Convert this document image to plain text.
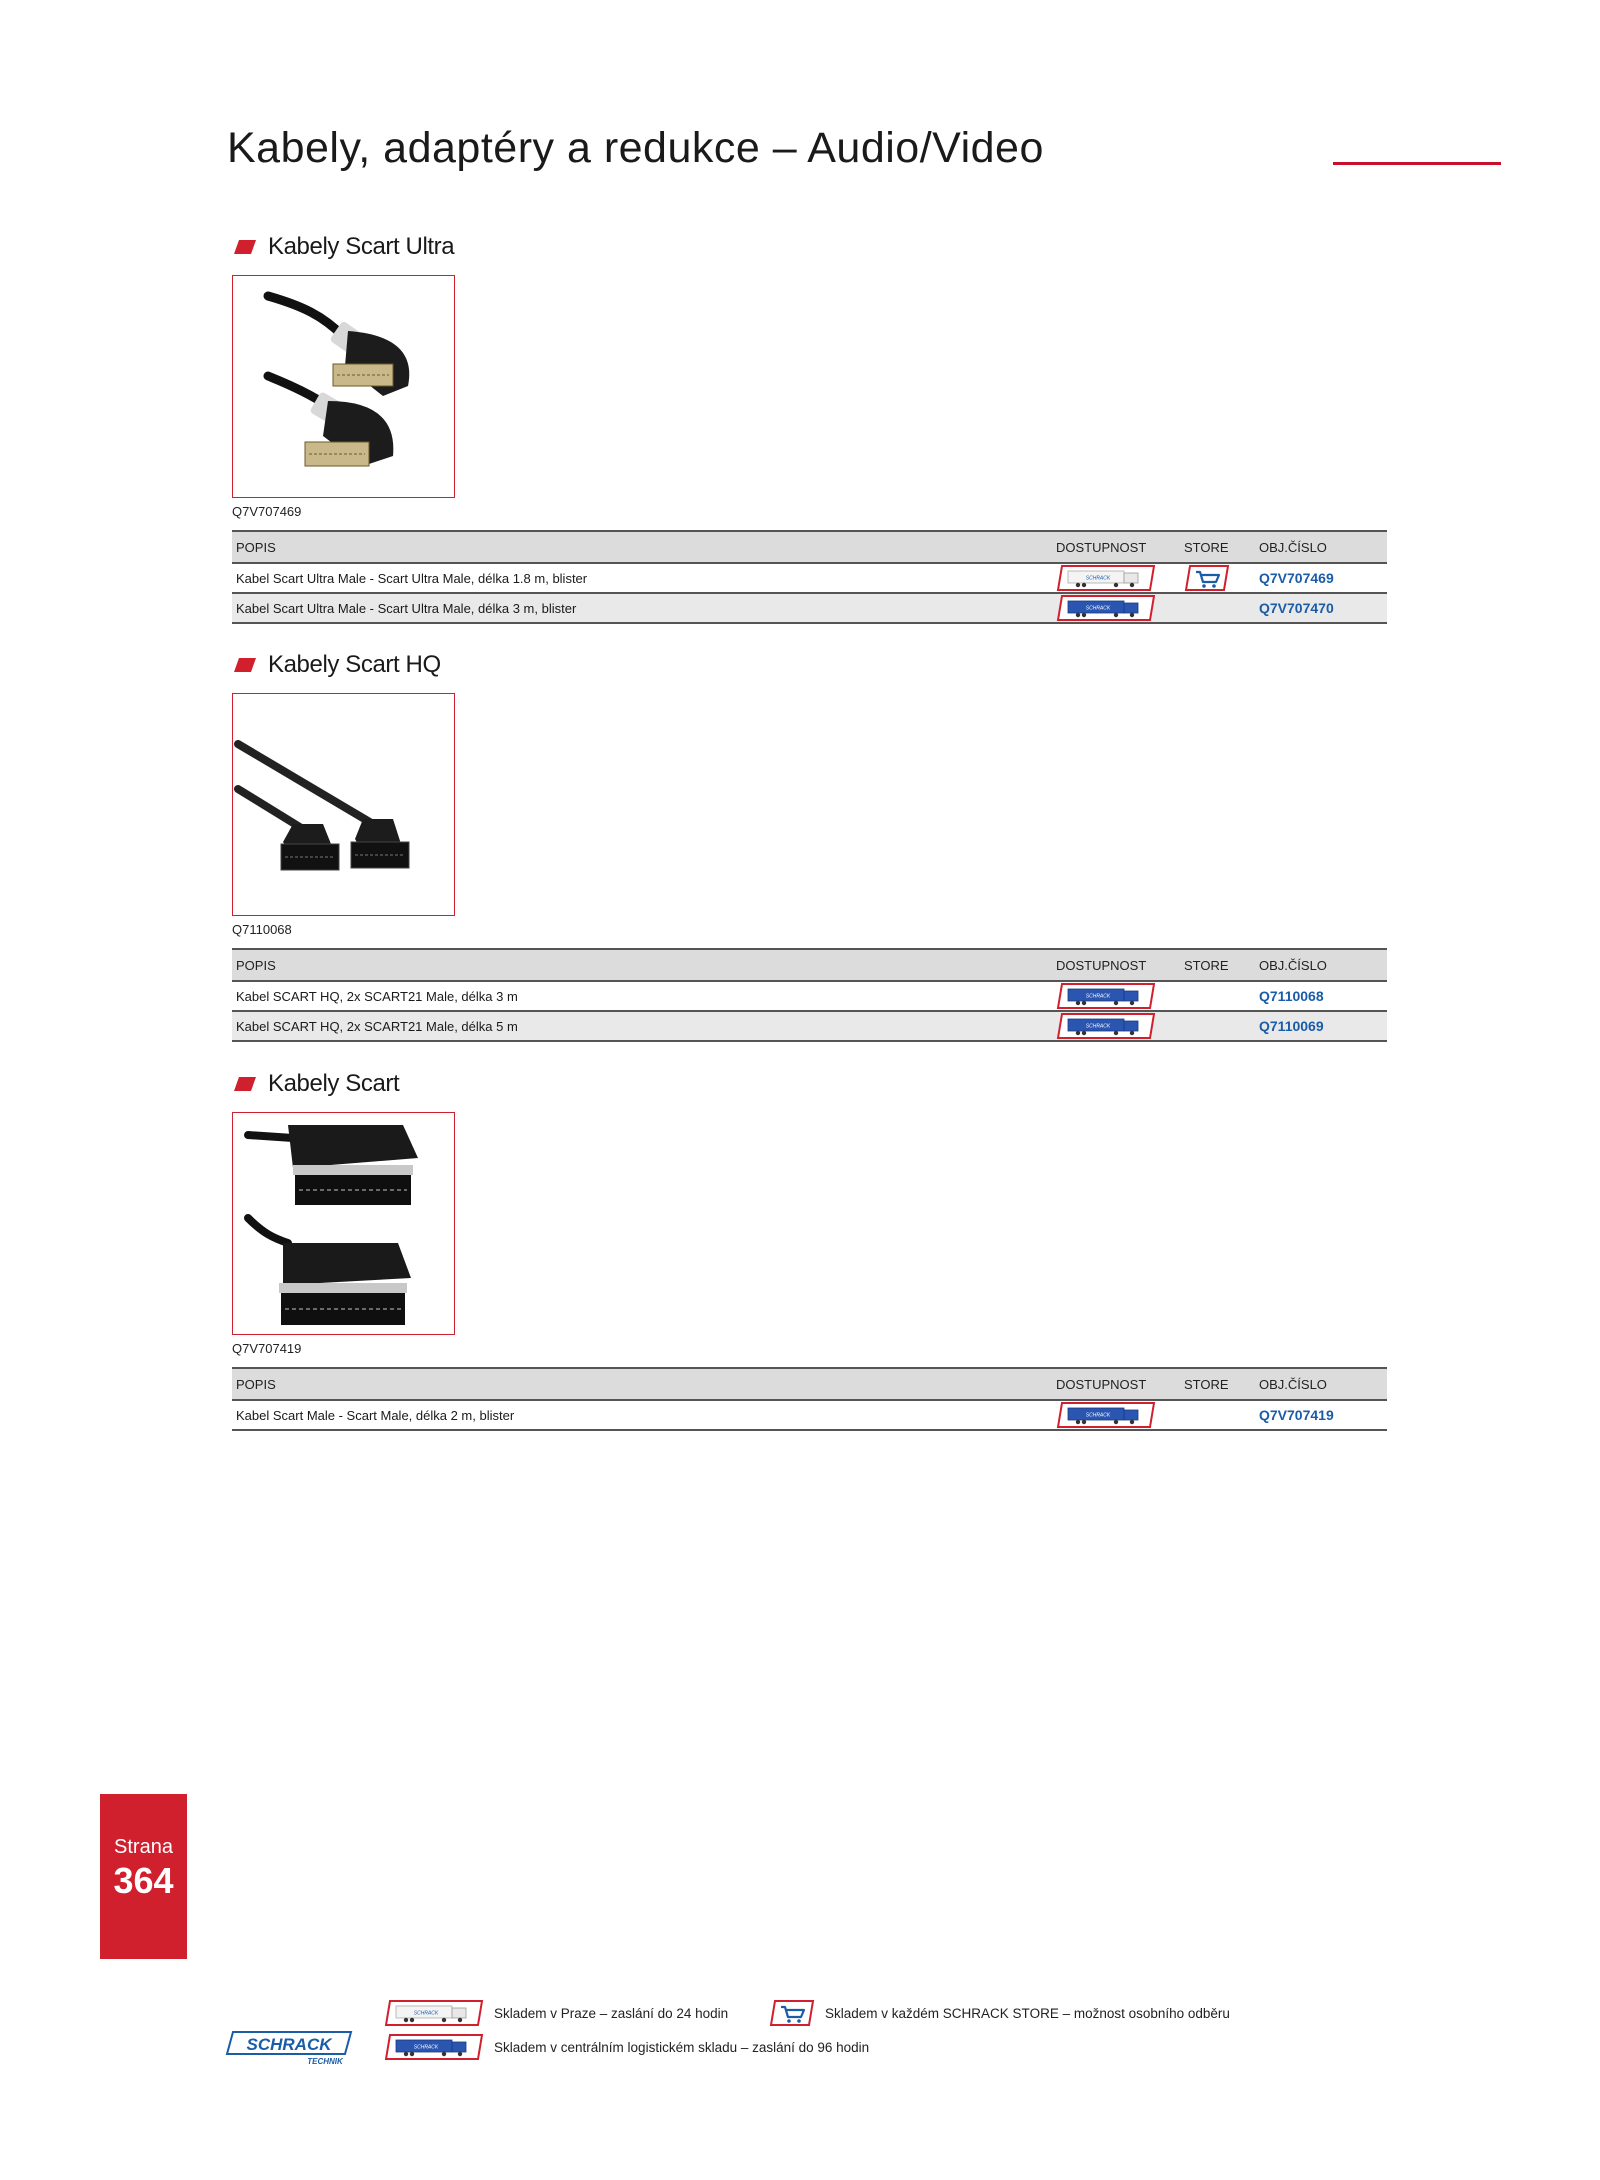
Kabely, adaptéry a redukce – Audio/Video
Kabely Scart Ultra
Q7V707469
POPIS	DOSTUPNOST	STORE	OBJ.ČÍSLO
Kabel Scart Ultra Male - Scart Ultra Male, délka 1.8 m, blister			Q7V707469
Kabel Scart Ultra Male - Scart Ultra Male, délka 3 m, blister			Q7V707470
Kabely Scart HQ
Q7110068
POPIS	DOSTUPNOST	STORE	OBJ.ČÍSLO
Kabel SCART HQ, 2x SCART21 Male, délka 3 m			Q7110068
Kabel SCART HQ, 2x SCART21 Male, délka 5 m			Q7110069
Kabely Scart
Q7V707419
POPIS	DOSTUPNOST	STORE	OBJ.ČÍSLO
Kabel Scart Male - Scart Male, délka 2 m, blister			Q7V707419
Strana
364
Skladem v Praze – zaslání do 24 hodin	Skladem v každém SCHRACK STORE – možnost osobního odběru
Skladem v centrálním logistickém skladu – zaslání do 96 hodin
SCHRACK
TECHNIK
